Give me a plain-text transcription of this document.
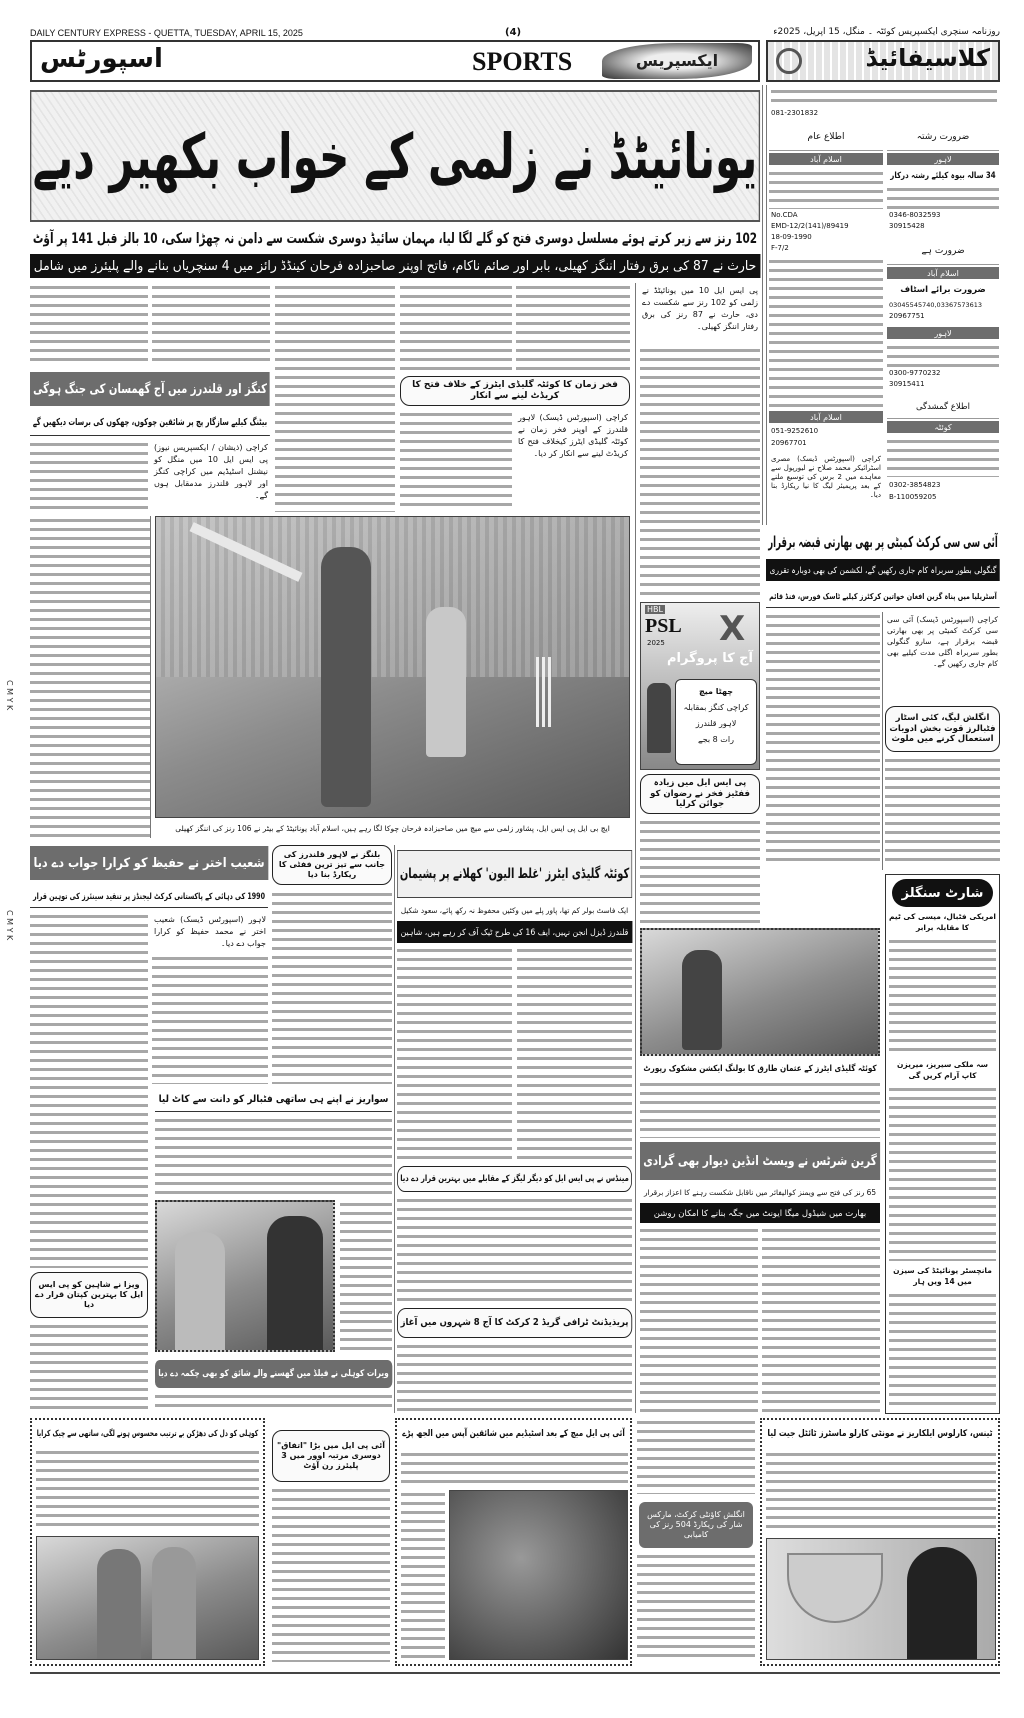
C M Y K
C M Y K
DAILY CENTURY EXPRESS - QUETTA, TUESDAY, APRIL 15, 2025	(4)	روزنامہ سنچری ایکسپریس کوئٹہ ۔ منگل، 15 اپریل، 2025ء
اسپورٹس	SPORTS	ایکسپریس	کلاسیفائیڈ
یونائیٹڈ نے زلمی کے خواب بکھیر دیے
102 رنز سے زیر کرتے ہوئے مسلسل دوسری فتح کو گلے لگا لیا، مہمان سائیڈ دوسری شکست سے دامن نہ چھڑا سکی، 10 بالز قبل 141 پر آؤٹ
حارث نے 87 کی برق رفتار اننگز کھیلی، بابر اور صائم ناکام، فاتح اوپنر صاحبزادہ فرحان کینڈڈ رائز میں 4 سنچریاں بنانے والے پلیئرز میں شامل
کنگز اور قلندرز میں آج گھمسان کی جنگ ہوگی
بیٹنگ کیلیے سازگار پچ پر شائقین چوکوں، چھکوں کی برسات دیکھیں گے
کراچی (ذیشان / ایکسپریس نیوز) پی ایس ایل 10 میں منگل کو نیشنل اسٹیڈیم میں کراچی کنگز اور لاہور قلندرز مدمقابل ہوں گے۔
فخر زمان کا کوئٹہ گلیڈی ایٹرز کے خلاف فتح کا کریڈٹ لینے سے انکار
کراچی (اسپورٹس ڈیسک) لاہور قلندرز کے اوپنر فخر زمان نے کوئٹہ گلیڈی ایٹرز کیخلاف فتح کا کریڈٹ لینے سے انکار کر دیا۔
پی ایس ایل 10 میں یونائیٹڈ نے زلمی کو 102 رنز سے شکست دے دی، حارث نے 87 رنز کی برق رفتار اننگز کھیلی۔
ایچ بی ایل پی ایس ایل، پشاور زلمی سے میچ میں صاحبزادہ فرحان چوکا لگا رہے ہیں، اسلام آباد یونائیٹڈ کے بیٹر نے 106 رنز کی اننگز کھیلی
HBL
PSL X
2025
آج کا پروگرام
چھٹا میچ
کراچی کنگز بمقابلہ
لاہور قلندرز
رات 8 بجے
پی ایس ایل میں زیادہ ففٹیز فخر نے رضوان کو جوائن کرلیا
081-2301832
ضرورت رشتہ
لاہور
34 سالہ بیوہ کیلئے رشتہ درکار
0346-8032593
30915428
ضرورت ہے
اسلام آباد
ضرورت برائے اسٹاف
03045545740,03367573613
20967751
لاہور
0300-9770232
30915411
اطلاع گمشدگی
کوئٹہ
0302-3854823
B-110059205
اطلاع عام
اسلام آباد
No.CDA
EMD-12/2(141)/89419
18-09-1990
F-7/2
اسلام آباد
051-9252610
20967701
کراچی (اسپورٹس ڈیسک) مصری اسٹرائیکر محمد صلاح نے لیورپول سے معاہدے میں 2 برس کی توسیع ملنے کے بعد پریمیئر لیگ کا نیا ریکارڈ بنا دیا۔
آئی سی سی کرکٹ کمیٹی پر بھی بھارتی قبضہ برقرار
گنگولی بطور سربراہ کام جاری رکھیں گے، لکشمن کی بھی دوبارہ تقرری
آسٹریلیا میں پناہ گزین افغان خواتین کرکٹرز کیلیے ٹاسک فورس، فنڈ قائم
کراچی (اسپورٹس ڈیسک) آئی سی سی کرکٹ کمیٹی پر بھی بھارتی قبضہ برقرار ہے، سارو گنگولی بطور سربراہ اگلی مدت کیلیے بھی کام جاری رکھیں گے۔
انگلش لیگ، کئی اسٹار فٹبالرز قوت بخش ادویات استعمال کرنے میں ملوث
شارٹ سنگلز
امریکی فٹبال، میسی کی ٹیم کا مقابلہ برابر
سہ ملکی سیریز، میریزن کاپ آرام کریں گی
مانچسٹر یونائیٹڈ کی سیزن میں 14 ویں ہار
کوئٹہ گلیڈی ایٹرز کے عثمان طارق کا بولنگ ایکشن مشکوک رپورٹ
گرین شرٹس نے ویسٹ انڈین دیوار بھی گرادی
65 رنز کی فتح سے ویمنز کوالیفائر میں ناقابل شکست رہنے کا اعزاز برقرار
بھارت میں شیڈول میگا ایونٹ میں جگہ بنانے کا امکان روشن
شعیب اختر نے حفیظ کو کرارا جواب دے دیا
1990 کی دہائی کے پاکستانی کرکٹ لیجنڈز پر تنقید سینئرز کی توہین قرار
لاہور (اسپورٹس ڈیسک) شعیب اختر نے محمد حفیظ کو کرارا جواب دے دیا۔
بلنگز نے لاہور قلندرز کی جانب سے تیز ترین ففٹی کا ریکارڈ بنا دیا	کوئٹہ گلیڈی ایٹرز 'غلط الیون' کھلانے پر پشیمان
ایک فاسٹ بولر کم تھا، پاور پلے میں وکٹیں محفوظ نہ رکھ پائے، سعود شکیل
قلندرز ڈیزل انجن نہیں، ایف 16 کی طرح ٹیک آف کر رہے ہیں، شاہین
سواریز نے اپنے ہی ساتھی فٹبالر کو دانت سے کاٹ لیا
ویزا نے شاہین کو پی ایس ایل کا بہترین کپتان قرار دے دیا
ویرات کوہلی نے فیلڈ میں گھسنے والے شائق کو بھی چکمہ دے دیا
مینڈس نے پی ایس ایل کو دیگر لیگز کے مقابلے میں بہترین قرار دے دیا
پریذیڈنٹ ٹرافی گریڈ 2 کرکٹ کا آج 8 شہروں میں آغاز
کوہلی کو دل کی دھڑکن بے ترتیب محسوس ہونے لگی، ساتھی سے چیک کرایا
آئی پی ایل میں بڑا "اتفاق" دوسری مرتبہ اوور میں 3 پلیئرز رن آؤٹ
آئی پی ایل میچ کے بعد اسٹیڈیم میں شائقین آپس میں الجھ پڑے
انگلش کاؤنٹی کرکٹ، مارکس شار کی ریکارڈ 504 رنز کی کامیابی
ٹینس، کارلوس ایلکاریز نے مونٹی کارلو ماسٹرز ٹائٹل جیت لیا
